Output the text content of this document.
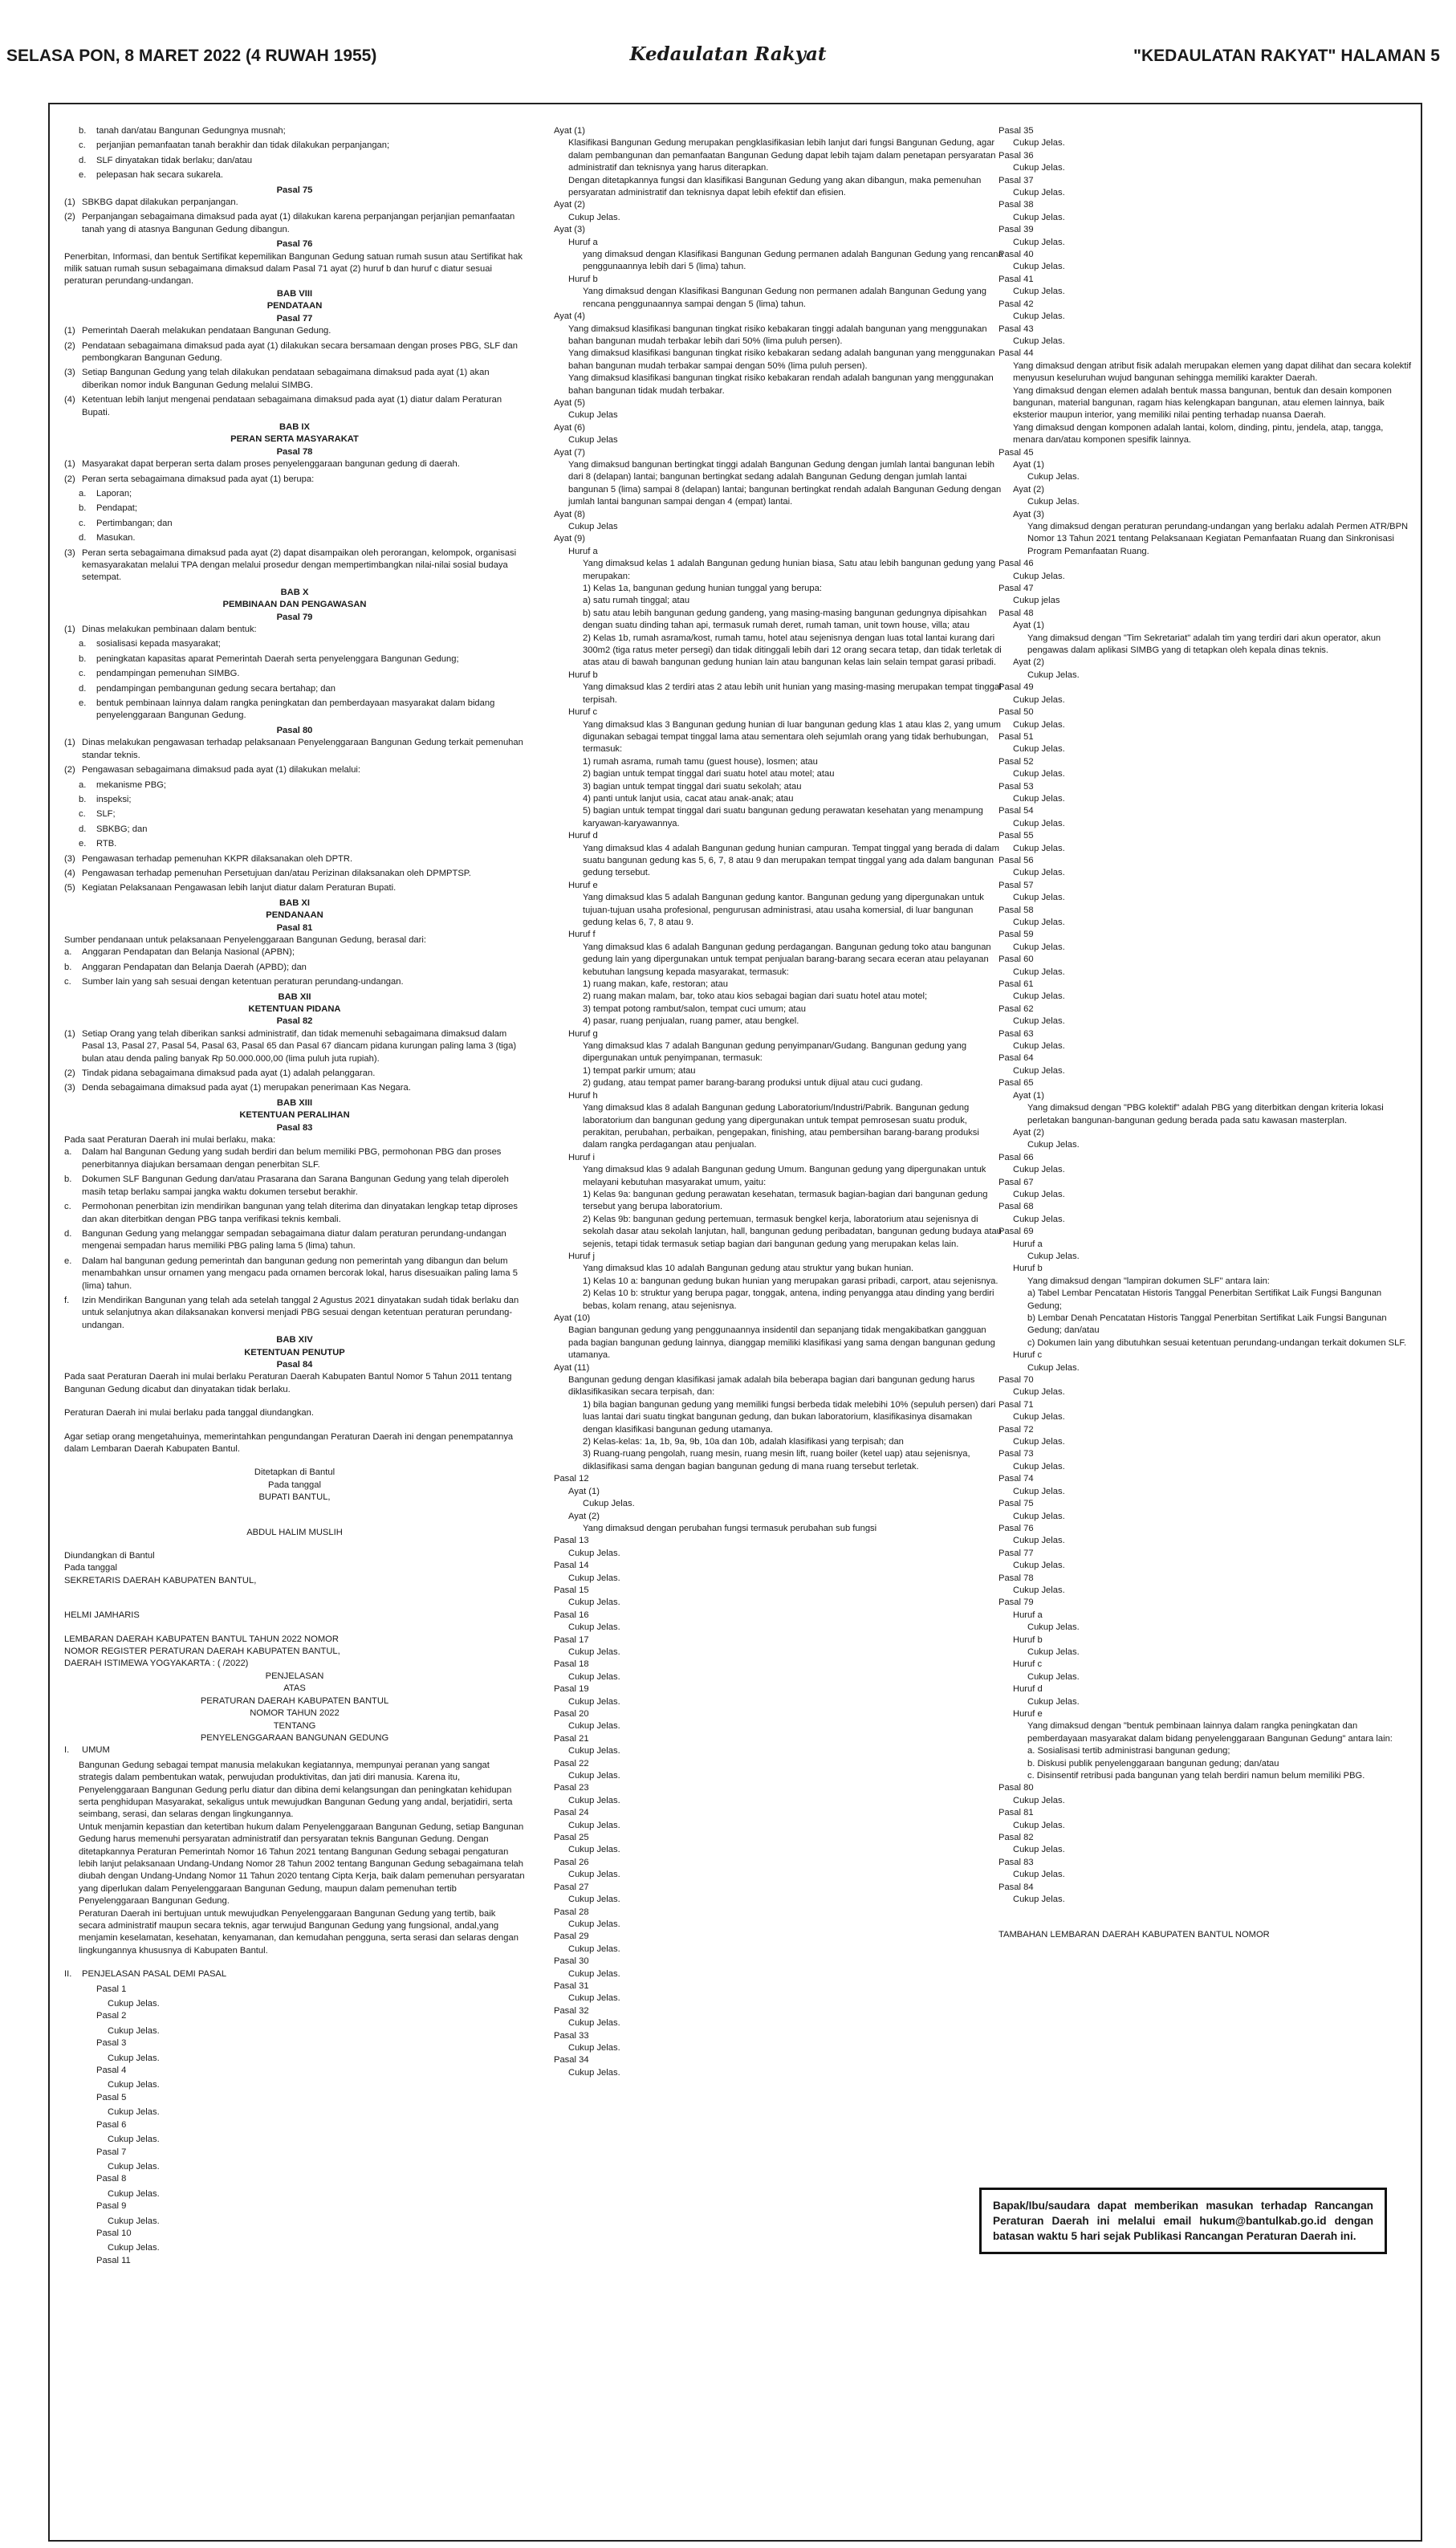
SELASA PON, 8 MARET 2022 (4 RUWAH 1955)	Kedaulatan Rakyat	"KEDAULATAN RAKYAT" HALAMAN 5
b.	tanah dan/atau Bangunan Gedungnya musnah;
c.	perjanjian pemanfaatan tanah berakhir dan tidak dilakukan perpanjangan;
d.	SLF dinyatakan tidak berlaku; dan/atau
e.	pelepasan hak secara sukarela.

Pasal 75

(1) SBKBG dapat dilakukan perpanjangan.
(2) Perpanjangan sebagaimana dimaksud pada ayat (1) dilakukan karena perpanjangan perjanjian pemanfaatan tanah yang di atasnya Bangunan Gedung dibangun.

Pasal 76

Penerbitan, Informasi, dan bentuk Sertifikat kepemilikan Bangunan Gedung satuan rumah susun atau Sertifikat hak milik satuan rumah susun sebagaimana dimaksud dalam Pasal 71 ayat (2) huruf b dan huruf c diatur sesuai peraturan perundang-undangan.

BAB VIII

PENDATAAN

Pasal 77

(1) Pemerintah Daerah melakukan pendataan Bangunan Gedung.
(2) Pendataan sebagaimana dimaksud pada ayat (1) dilakukan secara bersamaan dengan proses PBG, SLF dan pembongkaran Bangunan Gedung.
(3) Setiap Bangunan Gedung yang telah dilakukan pendataan sebagaimana dimaksud pada ayat (1) akan diberikan nomor induk Bangunan Gedung melalui SIMBG.
(4) Ketentuan lebih lanjut mengenai pendataan sebagaimana dimaksud pada ayat (1) diatur dalam Peraturan Bupati.

BAB IX

PERAN SERTA MASYARAKAT

Pasal 78

(1) Masyarakat dapat berperan serta dalam proses penyelenggaraan bangunan gedung di daerah.
(2) Peran serta sebagaimana dimaksud pada ayat (1) berupa:
a.	Laporan;
b.	Pendapat;
c.	Pertimbangan; dan
d.	Masukan.
(3) Peran serta sebagaimana dimaksud pada ayat (2) dapat disampaikan oleh perorangan, kelompok, organisasi kemasyarakatan melalui TPA dengan melalui prosedur dengan mempertimbangkan nilai-nilai sosial budaya setempat.

BAB X

PEMBINAAN DAN PENGAWASAN

Pasal 79

(1) Dinas melakukan pembinaan dalam bentuk:
a.	sosialisasi kepada masyarakat;
b.	peningkatan kapasitas aparat Pemerintah Daerah serta penyelenggara Bangunan Gedung;
c.	pendampingan pemenuhan SIMBG.
d.	pendampingan pembangunan gedung secara bertahap; dan
e.	bentuk pembinaan lainnya dalam rangka peningkatan dan pemberdayaan masyarakat dalam bidang penyelenggaraan Bangunan Gedung.

Pasal 80

(1) Dinas melakukan pengawasan terhadap pelaksanaan Penyelenggaraan Bangunan Gedung terkait pemenuhan standar teknis.
(2) Pengawasan sebagaimana dimaksud pada ayat (1) dilakukan melalui:
a.	mekanisme PBG;
b.	inspeksi;
c.	SLF;
d.	SBKBG; dan
e.	RTB.
(3) Pengawasan terhadap pemenuhan KKPR dilaksanakan oleh DPTR.
(4) Pengawasan terhadap pemenuhan Persetujuan dan/atau Perizinan dilaksanakan oleh DPMPTSP.
(5) Kegiatan Pelaksanaan Pengawasan lebih lanjut diatur dalam Peraturan Bupati.

BAB XI

PENDANAAN

Pasal 81

Sumber pendanaan untuk pelaksanaan Penyelenggaraan Bangunan Gedung, berasal dari:

a.	Anggaran Pendapatan dan Belanja Nasional (APBN);
b.	Anggaran Pendapatan dan Belanja Daerah (APBD); dan
c.	Sumber lain yang sah sesuai dengan ketentuan peraturan perundang-undangan.

BAB XII

KETENTUAN PIDANA

Pasal 82

(1) Setiap Orang yang telah diberikan sanksi administratif, dan tidak memenuhi sebagaimana dimaksud dalam Pasal 13, Pasal 27, Pasal 54, Pasal 63, Pasal 65 dan Pasal 67 diancam pidana kurungan paling lama 3 (tiga) bulan atau denda paling banyak Rp 50.000.000,00 (lima puluh juta rupiah).
(2) Tindak pidana sebagaimana dimaksud pada ayat (1) adalah pelanggaran.
(3) Denda sebagaimana dimaksud pada ayat (1) merupakan penerimaan Kas Negara.

BAB XIII

KETENTUAN PERALIHAN

Pasal 83

Pada saat Peraturan Daerah ini mulai berlaku, maka:

a.	Dalam hal Bangunan Gedung yang sudah berdiri dan belum memiliki PBG, permohonan PBG dan proses penerbitannya diajukan bersamaan dengan penerbitan SLF.
b.	Dokumen SLF Bangunan Gedung dan/atau Prasarana dan Sarana Bangunan Gedung yang telah diperoleh masih tetap berlaku sampai jangka waktu dokumen tersebut berakhir.
c.	Permohonan penerbitan izin mendirikan bangunan yang telah diterima dan dinyatakan lengkap tetap diproses dan akan diterbitkan dengan PBG tanpa verifikasi teknis kembali.
d.	Bangunan Gedung yang melanggar sempadan sebagaimana diatur dalam peraturan perundang-undangan mengenai sempadan harus memiliki PBG paling lama 5 (lima) tahun.
e.	Dalam hal bangunan gedung pemerintah dan bangunan gedung non pemerintah yang dibangun dan belum menambahkan unsur ornamen yang mengacu pada ornamen bercorak lokal, harus disesuaikan paling lama 5 (lima) tahun.
f.	Izin Mendirikan Bangunan yang telah ada setelah tanggal 2 Agustus 2021 dinyatakan sudah tidak berlaku dan untuk selanjutnya akan dilaksanakan konversi menjadi PBG sesuai dengan ketentuan peraturan perundang-undangan.

BAB XIV

KETENTUAN PENUTUP

Pasal 84

Pada saat Peraturan Daerah ini mulai berlaku Peraturan Daerah Kabupaten Bantul Nomor 5 Tahun 2011 tentang Bangunan Gedung dicabut dan dinyatakan tidak berlaku.

Peraturan Daerah ini mulai berlaku pada tanggal diundangkan.

Agar setiap orang mengetahuinya, memerintahkan pengundangan Peraturan Daerah ini dengan penempatannya dalam Lembaran Daerah Kabupaten Bantul.

Ditetapkan di Bantul

Pada tanggal

BUPATI BANTUL,

ABDUL HALIM MUSLIH

Diundangkan di Bantul

Pada tanggal

SEKRETARIS DAERAH KABUPATEN BANTUL,

HELMI JAMHARIS

LEMBARAN DAERAH KABUPATEN BANTUL TAHUN 2022 NOMOR

NOMOR REGISTER PERATURAN DAERAH KABUPATEN BANTUL,

DAERAH ISTIMEWA YOGYAKARTA : ( /2022)

PENJELASAN

ATAS

PERATURAN DAERAH KABUPATEN BANTUL

NOMOR TAHUN 2022

TENTANG

PENYELENGGARAAN BANGUNAN GEDUNG

I.	UMUM

Bangunan Gedung sebagai tempat manusia melakukan kegiatannya, mempunyai peranan yang sangat strategis dalam pembentukan watak, perwujudan produktivitas, dan jati diri manusia. Karena itu, Penyelenggaraan Bangunan Gedung perlu diatur dan dibina demi kelangsungan dan peningkatan kehidupan serta penghidupan Masyarakat, sekaligus untuk mewujudkan Bangunan Gedung yang andal, berjatidiri, serta seimbang, serasi, dan selaras dengan lingkungannya.

Untuk menjamin kepastian dan ketertiban hukum dalam Penyelenggaraan Bangunan Gedung, setiap Bangunan Gedung harus memenuhi persyaratan administratif dan persyaratan teknis Bangunan Gedung. Dengan ditetapkannya Peraturan Pemerintah Nomor 16 Tahun 2021 tentang Bangunan Gedung sebagai pengaturan lebih lanjut pelaksanaan Undang-Undang Nomor 28 Tahun 2002 tentang Bangunan Gedung sebagaimana telah diubah dengan Undang-Undang Nomor 11 Tahun 2020 tentang Cipta Kerja, baik dalam pemenuhan persyaratan yang diperlukan dalam Penyelenggaraan Bangunan Gedung, maupun dalam pemenuhan tertib Penyelenggaraan Bangunan Gedung.

Peraturan Daerah ini bertujuan untuk mewujudkan Penyelenggaraan Bangunan Gedung yang tertib, baik secara administratif maupun secara teknis, agar terwujud Bangunan Gedung yang fungsional, andal,yang menjamin keselamatan, kesehatan, kenyamanan, dan kemudahan pengguna, serta serasi dan selaras dengan lingkungannya khususnya di Kabupaten Bantul.

II.	PENJELASAN PASAL DEMI PASAL
Pasal 1

Cukup Jelas.

Pasal 2

Cukup Jelas.

Pasal 3

Cukup Jelas.

Pasal 4

Cukup Jelas.

Pasal 5

Cukup Jelas.

Pasal 6

Cukup Jelas.

Pasal 7

Cukup Jelas.

Pasal 8

Cukup Jelas.

Pasal 9

Cukup Jelas.

Pasal 10

Cukup Jelas.

Pasal 11

Ayat (1)

Klasifikasi Bangunan Gedung merupakan pengklasifikasian lebih lanjut dari fungsi Bangunan Gedung, agar dalam pembangunan dan pemanfaatan Bangunan Gedung dapat lebih tajam dalam penetapan persyaratan administratif dan teknisnya yang harus diterapkan.

Dengan ditetapkannya fungsi dan klasifikasi Bangunan Gedung yang akan dibangun, maka pemenuhan persyaratan administratif dan teknisnya dapat lebih efektif dan efisien.

Ayat (2)

Cukup Jelas.

Ayat (3)

Huruf a

yang dimaksud dengan Klasifikasi Bangunan Gedung permanen adalah Bangunan Gedung yang rencana penggunaannya lebih dari 5 (lima) tahun.

Huruf b

Yang dimaksud dengan Klasifikasi Bangunan Gedung non permanen adalah Bangunan Gedung yang rencana penggunaannya sampai dengan 5 (lima) tahun.

Ayat (4)

Yang dimaksud klasifikasi bangunan tingkat risiko kebakaran tinggi adalah bangunan yang menggunakan bahan bangunan mudah terbakar lebih dari 50% (lima puluh persen).

Yang dimaksud klasifikasi bangunan tingkat risiko kebakaran sedang adalah bangunan yang menggunakan bahan bangunan mudah terbakar sampai dengan 50% (lima puluh persen).

Yang dimaksud klasifikasi bangunan tingkat risiko kebakaran rendah adalah bangunan yang menggunakan bahan bangunan tidak mudah terbakar.

Ayat (5)

Cukup Jelas

Ayat (6)

Cukup Jelas

Ayat (7)

Yang dimaksud bangunan bertingkat tinggi adalah Bangunan Gedung dengan jumlah lantai bangunan lebih dari 8 (delapan) lantai; bangunan bertingkat sedang adalah Bangunan Gedung dengan jumlah lantai bangunan 5 (lima) sampai 8 (delapan) lantai; bangunan bertingkat rendah adalah Bangunan Gedung dengan jumlah lantai bangunan sampai dengan 4 (empat) lantai.

Ayat (8)

Cukup Jelas

Ayat (9)

Huruf a

Yang dimaksud kelas 1 adalah Bangunan gedung hunian biasa, Satu atau lebih bangunan gedung yang merupakan:

1) Kelas 1a, bangunan gedung hunian tunggal yang berupa:

a) satu rumah tinggal; atau

b) satu atau lebih bangunan gedung gandeng, yang masing-masing bangunan gedungnya dipisahkan dengan suatu dinding tahan api, termasuk rumah deret, rumah taman, unit town house, villa; atau

2) Kelas 1b, rumah asrama/kost, rumah tamu, hotel atau sejenisnya dengan luas total lantai kurang dari 300m2 (tiga ratus meter persegi) dan tidak ditinggali lebih dari 12 orang secara tetap, dan tidak terletak di atas atau di bawah bangunan gedung hunian lain atau bangunan kelas lain selain tempat garasi pribadi.

Huruf b

Yang dimaksud klas 2 terdiri atas 2 atau lebih unit hunian yang masing-masing merupakan tempat tinggal terpisah.

Huruf c

Yang dimaksud klas 3 Bangunan gedung hunian di luar bangunan gedung klas 1 atau klas 2, yang umum digunakan sebagai tempat tinggal lama atau sementara oleh sejumlah orang yang tidak berhubungan, termasuk:

1) rumah asrama, rumah tamu (guest house), losmen; atau

2) bagian untuk tempat tinggal dari suatu hotel atau motel; atau

3) bagian untuk tempat tinggal dari suatu sekolah; atau

4) panti untuk lanjut usia, cacat atau anak-anak; atau

5) bagian untuk tempat tinggal dari suatu bangunan gedung perawatan kesehatan yang menampung karyawan-karyawannya.

Huruf d

Yang dimaksud klas 4 adalah Bangunan gedung hunian campuran. Tempat tinggal yang berada di dalam suatu bangunan gedung kas 5, 6, 7, 8 atau 9 dan merupakan tempat tinggal yang ada dalam bangunan gedung tersebut.

Huruf e

Yang dimaksud klas 5 adalah Bangunan gedung kantor. Bangunan gedung yang dipergunakan untuk tujuan-tujuan usaha profesional, pengurusan administrasi, atau usaha komersial, di luar bangunan gedung kelas 6, 7, 8 atau 9.

Huruf f

Yang dimaksud klas 6 adalah Bangunan gedung perdagangan. Bangunan gedung toko atau bangunan gedung lain yang dipergunakan untuk tempat penjualan barang-barang secara eceran atau pelayanan kebutuhan langsung kepada masyarakat, termasuk:

1) ruang makan, kafe, restoran; atau

2) ruang makan malam, bar, toko atau kios sebagai bagian dari suatu hotel atau motel;

3) tempat potong rambut/salon, tempat cuci umum; atau

4) pasar, ruang penjualan, ruang pamer, atau bengkel.

Huruf g

Yang dimaksud klas 7 adalah Bangunan gedung penyimpanan/Gudang. Bangunan gedung yang dipergunakan untuk penyimpanan, termasuk:

1) tempat parkir umum; atau

2) gudang, atau tempat pamer barang-barang produksi untuk dijual atau cuci gudang.

Huruf h

Yang dimaksud klas 8 adalah Bangunan gedung Laboratorium/Industri/Pabrik. Bangunan gedung laboratorium dan bangunan gedung yang dipergunakan untuk tempat pemrosesan suatu produk, perakitan, perubahan, perbaikan, pengepakan, finishing, atau pembersihan barang-barang produksi dalam rangka perdagangan atau penjualan.

Huruf i

Yang dimaksud klas 9 adalah Bangunan gedung Umum. Bangunan gedung yang dipergunakan untuk melayani kebutuhan masyarakat umum, yaitu:

1) Kelas 9a: bangunan gedung perawatan kesehatan, termasuk bagian-bagian dari bangunan gedung tersebut yang berupa laboratorium.

2) Kelas 9b: bangunan gedung pertemuan, termasuk bengkel kerja, laboratorium atau sejenisnya di sekolah dasar atau sekolah lanjutan, hall, bangunan gedung peribadatan, bangunan gedung budaya atau sejenis, tetapi tidak termasuk setiap bagian dari bangunan gedung yang merupakan kelas lain.

Huruf j

Yang dimaksud klas 10 adalah Bangunan gedung atau struktur yang bukan hunian.

1) Kelas 10 a: bangunan gedung bukan hunian yang merupakan garasi pribadi, carport, atau sejenisnya.

2) Kelas 10 b: struktur yang berupa pagar, tonggak, antena, inding penyangga atau dinding yang berdiri bebas, kolam renang, atau sejenisnya.

Ayat (10)

Bagian bangunan gedung yang penggunaannya insidentil dan sepanjang tidak mengakibatkan gangguan pada bagian bangunan gedung lainnya, dianggap memiliki klasifikasi yang sama dengan bangunan gedung utamanya.

Ayat (11)

Bangunan gedung dengan klasifikasi jamak adalah bila beberapa bagian dari bangunan gedung harus diklasifikasikan secara terpisah, dan:

1) bila bagian bangunan gedung yang memiliki fungsi berbeda tidak melebihi 10% (sepuluh persen) dari luas lantai dari suatu tingkat bangunan gedung, dan bukan laboratorium, klasifikasinya disamakan dengan klasifikasi bangunan gedung utamanya.

2) Kelas-kelas: 1a, 1b, 9a, 9b, 10a dan 10b, adalah klasifikasi yang terpisah; dan

3) Ruang-ruang pengolah, ruang mesin, ruang mesin lift, ruang boiler (ketel uap) atau sejenisnya, diklasifikasi sama dengan bagian bangunan gedung di mana ruang tersebut terletak.

Pasal 12

Ayat (1)

Cukup Jelas.

Ayat (2)

Yang dimaksud dengan perubahan fungsi termasuk perubahan sub fungsi

Pasal 13

Cukup Jelas.

Pasal 14

Cukup Jelas.

Pasal 15

Cukup Jelas.

Pasal 16

Cukup Jelas.

Pasal 17

Cukup Jelas.

Pasal 18

Cukup Jelas.

Pasal 19

Cukup Jelas.

Pasal 20

Cukup Jelas.

Pasal 21

Cukup Jelas.

Pasal 22

Cukup Jelas.

Pasal 23

Cukup Jelas.

Pasal 24

Cukup Jelas.

Pasal 25

Cukup Jelas.

Pasal 26

Cukup Jelas.

Pasal 27

Cukup Jelas.

Pasal 28

Cukup Jelas.

Pasal 29

Cukup Jelas.

Pasal 30

Cukup Jelas.

Pasal 31

Cukup Jelas.

Pasal 32

Cukup Jelas.

Pasal 33

Cukup Jelas.

Pasal 34

Cukup Jelas.

Pasal 35

Cukup Jelas.

Pasal 36

Cukup Jelas.

Pasal 37

Cukup Jelas.

Pasal 38

Cukup Jelas.

Pasal 39

Cukup Jelas.

Pasal 40

Cukup Jelas.

Pasal 41

Cukup Jelas.

Pasal 42

Cukup Jelas.

Pasal 43

Cukup Jelas.

Pasal 44

Yang dimaksud dengan atribut fisik adalah merupakan elemen yang dapat dilihat dan secara kolektif menyusun keseluruhan wujud bangunan sehingga memiliki karakter Daerah.

Yang dimaksud dengan elemen adalah bentuk massa bangunan, bentuk dan desain komponen bangunan, material bangunan, ragam hias kelengkapan bangunan, atau elemen lainnya, baik eksterior maupun interior, yang memiliki nilai penting terhadap nuansa Daerah.

Yang dimaksud dengan komponen adalah lantai, kolom, dinding, pintu, jendela, atap, tangga, menara dan/atau komponen spesifik lainnya.

Pasal 45

Ayat (1)

Cukup Jelas.

Ayat (2)

Cukup Jelas.

Ayat (3)

Yang dimaksud dengan peraturan perundang-undangan yang berlaku adalah Permen ATR/BPN Nomor 13 Tahun 2021 tentang Pelaksanaan Kegiatan Pemanfaatan Ruang dan Sinkronisasi Program Pemanfaatan Ruang.

Pasal 46

Cukup Jelas.

Pasal 47

Cukup jelas

Pasal 48

Ayat (1)

Yang dimaksud dengan "Tim Sekretariat" adalah tim yang terdiri dari akun operator, akun pengawas dalam aplikasi SIMBG yang di tetapkan oleh kepala dinas teknis.

Ayat (2)

Cukup Jelas.

Pasal 49

Cukup Jelas.

Pasal 50

Cukup Jelas.

Pasal 51

Cukup Jelas.

Pasal 52

Cukup Jelas.

Pasal 53

Cukup Jelas.

Pasal 54

Cukup Jelas.

Pasal 55

Cukup Jelas.

Pasal 56

Cukup Jelas.

Pasal 57

Cukup Jelas.

Pasal 58

Cukup Jelas.

Pasal 59

Cukup Jelas.

Pasal 60

Cukup Jelas.

Pasal 61

Cukup Jelas.

Pasal 62

Cukup Jelas.

Pasal 63

Cukup Jelas.

Pasal 64

Cukup Jelas.

Pasal 65

Ayat (1)

Yang dimaksud dengan "PBG kolektif" adalah PBG yang diterbitkan dengan kriteria lokasi perletakan bangunan-bangunan gedung berada pada satu kawasan masterplan.

Ayat (2)

Cukup Jelas.

Pasal 66

Cukup Jelas.

Pasal 67

Cukup Jelas.

Pasal 68

Cukup Jelas.

Pasal 69

Huruf a

Cukup Jelas.

Huruf b

Yang dimaksud dengan "lampiran dokumen SLF" antara lain:

a) Tabel Lembar Pencatatan Historis Tanggal Penerbitan Sertifikat Laik Fungsi Bangunan Gedung;

b) Lembar Denah Pencatatan Historis Tanggal Penerbitan Sertifikat Laik Fungsi Bangunan Gedung; dan/atau

c) Dokumen lain yang dibutuhkan sesuai ketentuan perundang-undangan terkait dokumen SLF.

Huruf c

Cukup Jelas.

Pasal 70

Cukup Jelas.

Pasal 71

Cukup Jelas.

Pasal 72

Cukup Jelas.

Pasal 73

Cukup Jelas.

Pasal 74

Cukup Jelas.

Pasal 75

Cukup Jelas.

Pasal 76

Cukup Jelas.

Pasal 77

Cukup Jelas.

Pasal 78

Cukup Jelas.

Pasal 79

Huruf a

Cukup Jelas.

Huruf b

Cukup Jelas.

Huruf c

Cukup Jelas.

Huruf d

Cukup Jelas.

Huruf e

Yang dimaksud dengan "bentuk pembinaan lainnya dalam rangka peningkatan dan pemberdayaan masyarakat dalam bidang penyelenggaraan Bangunan Gedung" antara lain:

a. Sosialisasi tertib administrasi bangunan gedung;

b. Diskusi publik penyelenggaraan bangunan gedung; dan/atau

c. Disinsentif retribusi pada bangunan yang telah berdiri namun belum memiliki PBG.

Pasal 80

Cukup Jelas.

Pasal 81

Cukup Jelas.

Pasal 82

Cukup Jelas.

Pasal 83

Cukup Jelas.

Pasal 84

Cukup Jelas.

TAMBAHAN LEMBARAN DAERAH KABUPATEN BANTUL NOMOR

Bapak/Ibu/saudara dapat memberikan masukan terhadap Rancangan Peraturan Daerah ini melalui email hukum@bantulkab.go.id dengan batasan waktu 5 hari sejak Publikasi Rancangan Peraturan Daerah ini.
